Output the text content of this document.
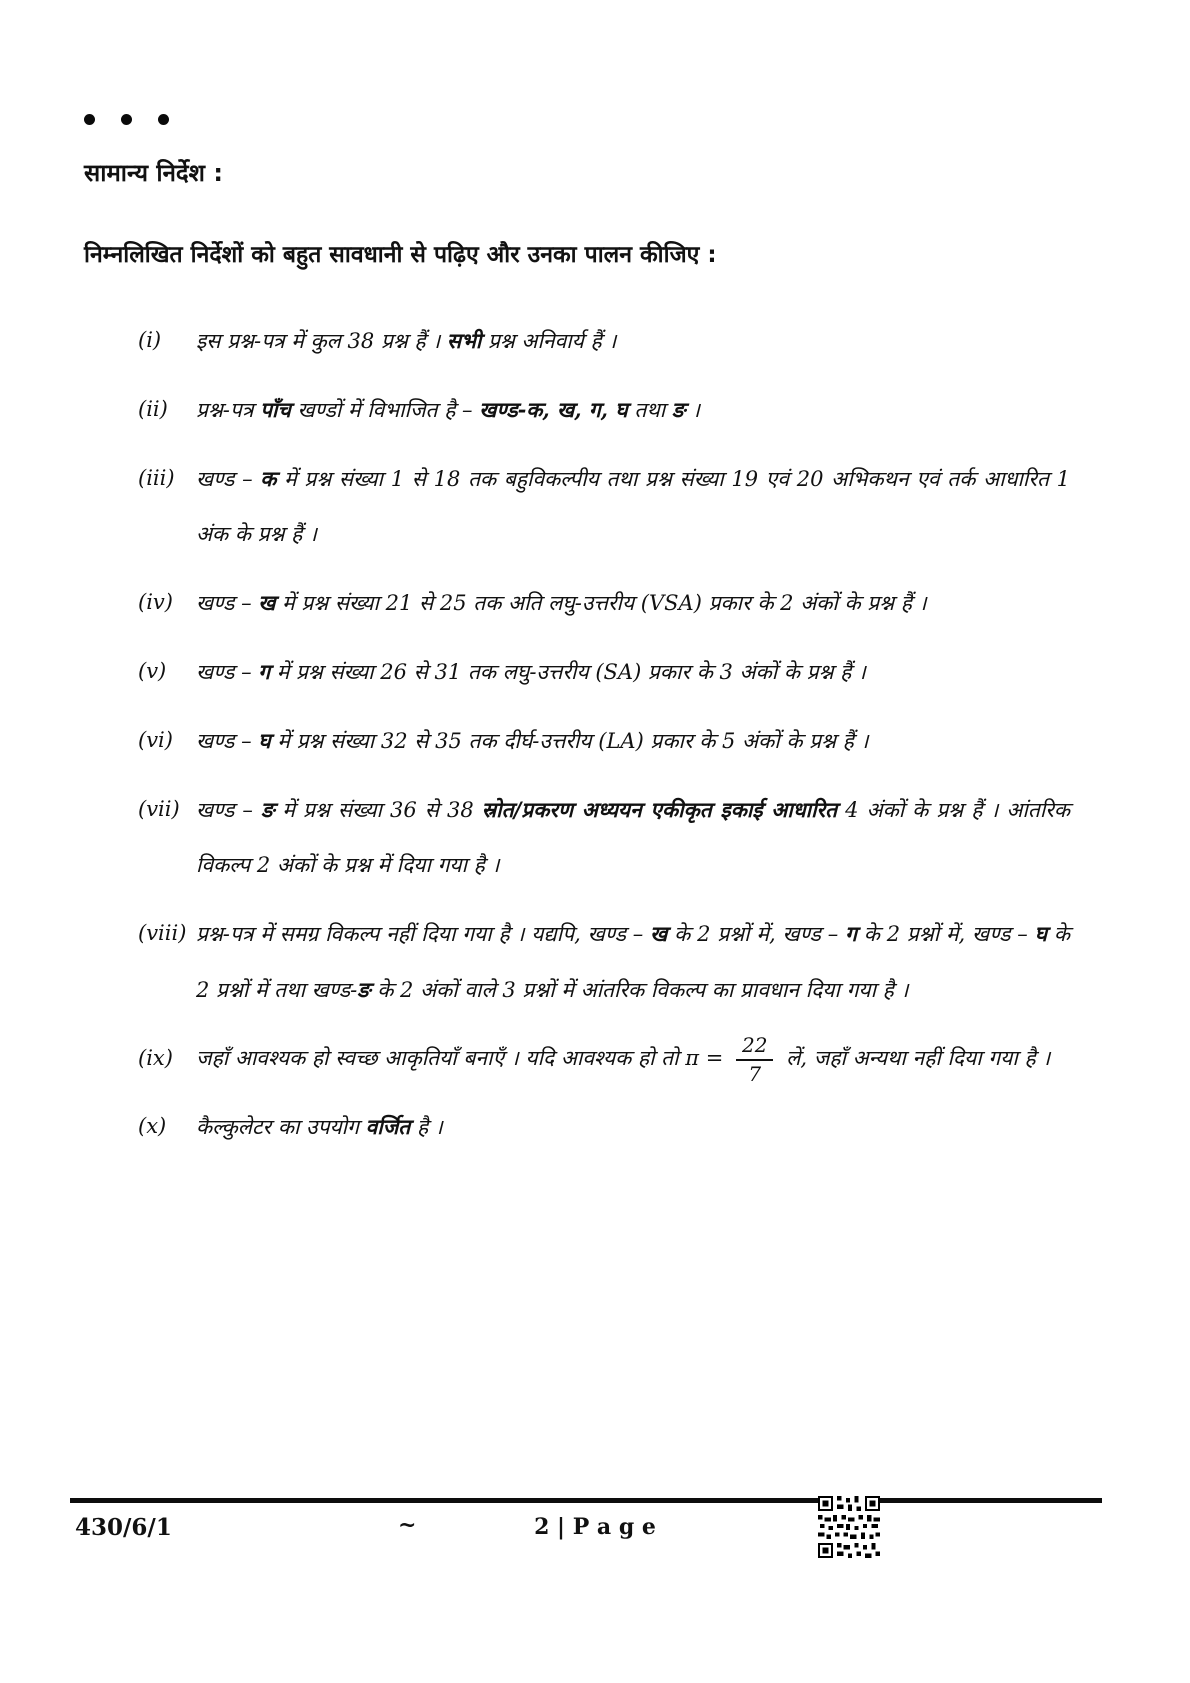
सामान्य निर्देश :
निम्नलिखित निर्देशों को बहुत सावधानी से पढ़िए और उनका पालन कीजिए :
(i)	इस प्रश्न-पत्र में कुल 38 प्रश्न हैं । सभी प्रश्न अनिवार्य हैं ।
(ii)	प्रश्न-पत्र पाँच खण्डों में विभाजित है – खण्ड-क, ख, ग, घ तथा ङ ।
(iii)	खण्ड – क में प्रश्न संख्या 1 से 18 तक बहुविकल्पीय तथा प्रश्न संख्या 19 एवं 20 अभिकथन एवं तर्क आधारित 1 अंक के प्रश्न हैं ।
(iv)	खण्ड – ख में प्रश्न संख्या 21 से 25 तक अति लघु-उत्तरीय (VSA) प्रकार के 2 अंकों के प्रश्न हैं ।
(v)	खण्ड – ग में प्रश्न संख्या 26 से 31 तक लघु-उत्तरीय (SA) प्रकार के 3 अंकों के प्रश्न हैं ।
(vi)	खण्ड – घ में प्रश्न संख्या 32 से 35 तक दीर्घ-उत्तरीय (LA) प्रकार के 5 अंकों के प्रश्न हैं ।
(vii) खण्ड – ङ में प्रश्न संख्या 36 से 38 स्रोत/प्रकरण अध्ययन एकीकृत इकाई आधारित 4 अंकों के प्रश्न हैं । आंतरिक विकल्प 2 अंकों के प्रश्न में दिया गया है ।
(viii) प्रश्न-पत्र में समग्र विकल्प नहीं दिया गया है । यद्यपि, खण्ड – ख के 2 प्रश्नों में, खण्ड – ग के 2 प्रश्नों में, खण्ड – घ के 2 प्रश्नों में तथा खण्ड-ङ के 2 अंकों वाले 3 प्रश्नों में आंतरिक विकल्प का प्रावधान दिया गया है ।
(ix)	जहाँ आवश्यक हो स्वच्छ आकृतियाँ बनाएँ । यदि आवश्यक हो तो $\pi = \frac{22}{7}$ लें, जहाँ अन्यथा नहीं दिया गया है ।
(x)	कैल्कुलेटर का उपयोग वर्जित है ।
430/6/1	~	2 | P a g e
